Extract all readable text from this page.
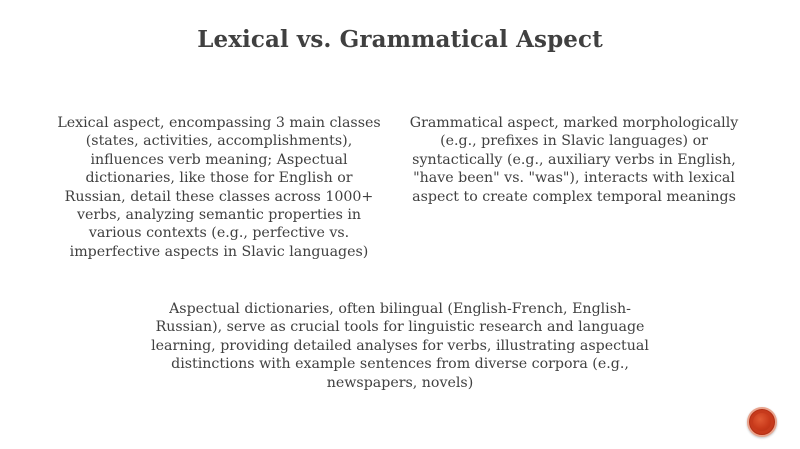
Lexical vs. Grammatical Aspect

Lexical aspect, encompassing 3 main classes (states, activities, accomplishments), influences verb meaning; Aspectual dictionaries, like those for English or Russian, detail these classes across 1000+ verbs, analyzing semantic properties in various contexts (e.g., perfective vs. imperfective aspects in Slavic languages)

Grammatical aspect, marked morphologically (e.g., prefixes in Slavic languages) or syntactically (e.g., auxiliary verbs in English, "have been" vs. "was"), interacts with lexical aspect to create complex temporal meanings

Aspectual dictionaries, often bilingual (English-French, English-Russian), serve as crucial tools for linguistic research and language learning, providing detailed analyses for verbs, illustrating aspectual distinctions with example sentences from diverse corpora (e.g., newspapers, novels)
